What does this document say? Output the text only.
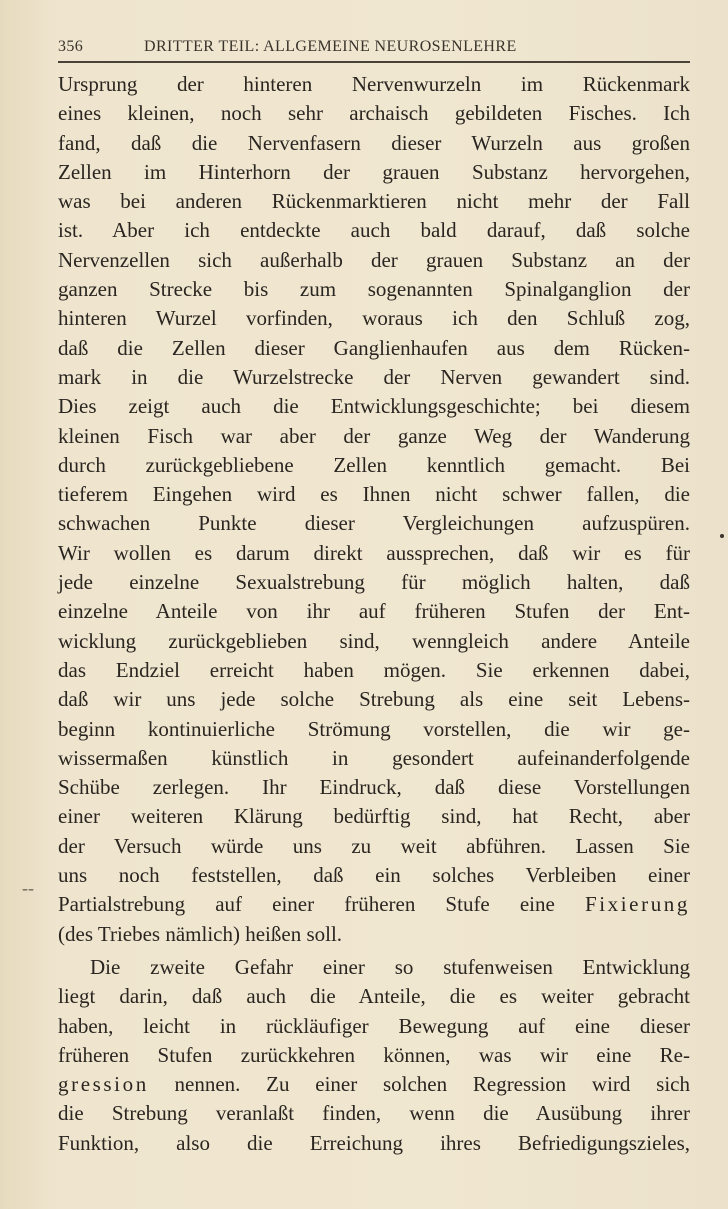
356	DRITTER TEIL: ALLGEMEINE NEUROSENLEHRE
--
Ursprung der hinteren Nervenwurzeln im Rückenmark
eines kleinen, noch sehr archaisch gebildeten Fisches. Ich
fand, daß die Nervenfasern dieser Wurzeln aus großen
Zellen im Hinterhorn der grauen Substanz hervorgehen,
was bei anderen Rückenmarktieren nicht mehr der Fall
ist. Aber ich entdeckte auch bald darauf, daß solche
Nervenzellen sich außerhalb der grauen Substanz an der
ganzen Strecke bis zum sogenannten Spinalganglion der
hinteren Wurzel vorfinden, woraus ich den Schluß zog,
daß die Zellen dieser Ganglienhaufen aus dem Rücken-
mark in die Wurzelstrecke der Nerven gewandert sind.
Dies zeigt auch die Entwicklungsgeschichte; bei diesem
kleinen Fisch war aber der ganze Weg der Wanderung
durch zurückgebliebene Zellen kenntlich gemacht. Bei
tieferem Eingehen wird es Ihnen nicht schwer fallen, die
schwachen Punkte dieser Vergleichungen aufzuspüren.
Wir wollen es darum direkt aussprechen, daß wir es für
jede einzelne Sexualstrebung für möglich halten, daß
einzelne Anteile von ihr auf früheren Stufen der Ent-
wicklung zurückgeblieben sind, wenngleich andere Anteile
das Endziel erreicht haben mögen. Sie erkennen dabei,
daß wir uns jede solche Strebung als eine seit Lebens-
beginn kontinuierliche Strömung vorstellen, die wir ge-
wissermaßen künstlich in gesondert aufeinanderfolgende
Schübe zerlegen. Ihr Eindruck, daß diese Vorstellungen
einer weiteren Klärung bedürftig sind, hat Recht, aber
der Versuch würde uns zu weit abführen. Lassen Sie
uns noch feststellen, daß ein solches Verbleiben einer
Partialstrebung auf einer früheren Stufe eine Fixierung
(des Triebes nämlich) heißen soll.
Die zweite Gefahr einer so stufenweisen Entwicklung
liegt darin, daß auch die Anteile, die es weiter gebracht
haben, leicht in rückläufiger Bewegung auf eine dieser
früheren Stufen zurückkehren können, was wir eine Re-
gression nennen. Zu einer solchen Regression wird sich
die Strebung veranlaßt finden, wenn die Ausübung ihrer
Funktion, also die Erreichung ihres Befriedigungszieles,
